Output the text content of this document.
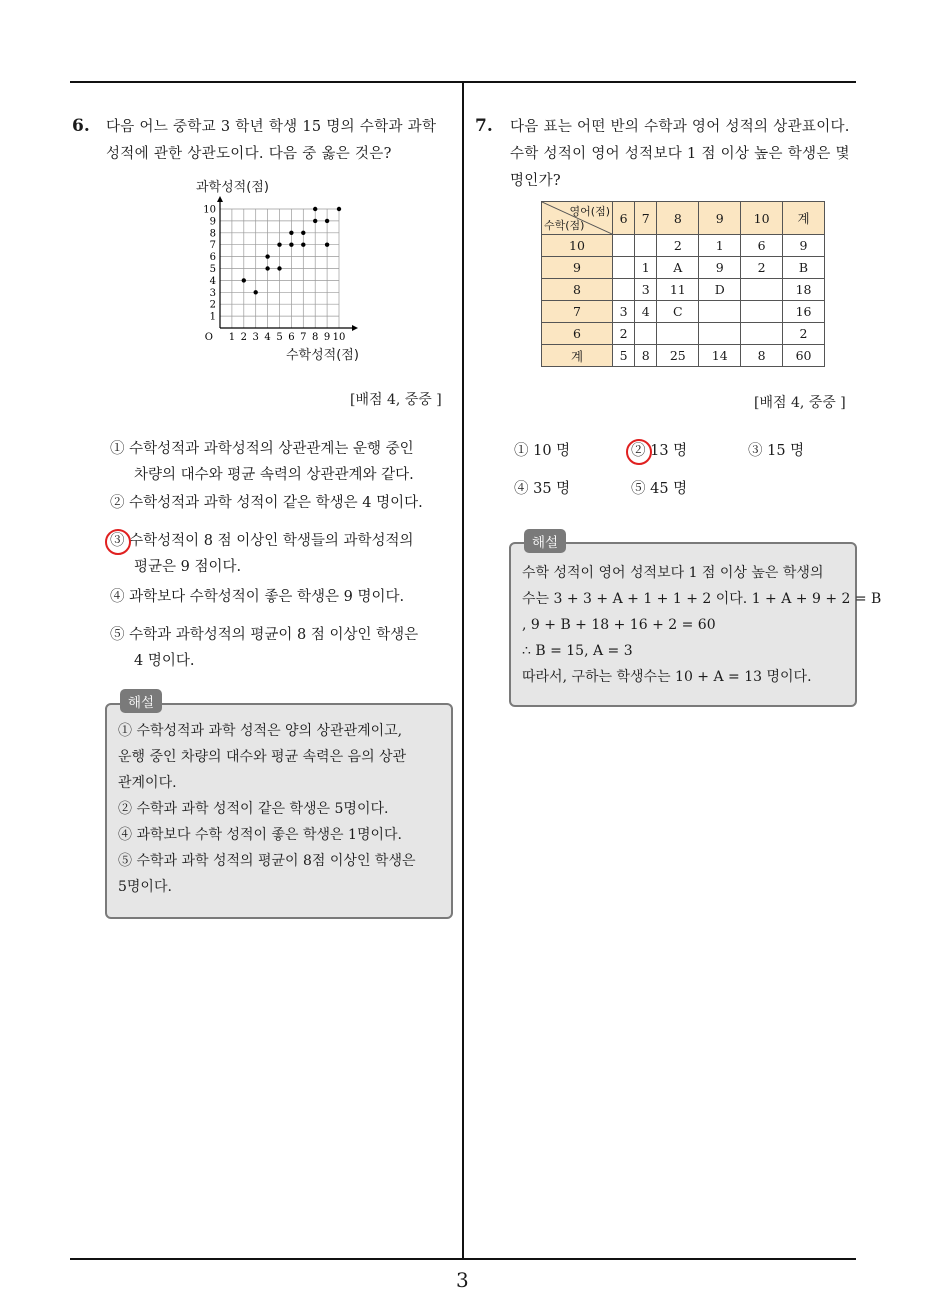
3
6. 다음 어느 중학교 3 학년 학생 15 명의 수학과 과학
성적에 관한 상관도이다. 다음 중 옳은 것은?
과학성적(점)
1 2 3 4 5 6 7 8 9 10
1
2
3
4
5
6
7
8
9
10
O
수학성적(점)
[배점 4, 중중 ]
① 수학성적과 과학성적의 상관관계는 운행 중인
차량의 대수와 평균 속력의 상관관계와 같다.
② 수학성적과 과학 성적이 같은 학생은 4 명이다.
③ 수학성적이 8 점 이상인 학생들의 과학성적의
평균은 9 점이다.
④ 과학보다 수학성적이 좋은 학생은 9 명이다.
⑤ 수학과 과학성적의 평균이 8 점 이상인 학생은
4 명이다.
해설
① 수학성적과 과학 성적은 양의 상관관계이고,
운행 중인 차량의 대수와 평균 속력은 음의 상관
관계이다.
② 수학과 과학 성적이 같은 학생은 5명이다.
④ 과학보다 수학 성적이 좋은 학생은 1명이다.
⑤ 수학과 과학 성적의 평균이 8점 이상인 학생은
5명이다.
7. 다음 표는 어떤 반의 수학과 영어 성적의 상관표이다.
수학 성적이 영어 성적보다 1 점 이상 높은 학생은 몇
명인가?
영어(점)
수학(점)	6	7	8	9	10	계
10			2	1	6	9
9		1	A	9	2	B
8		3	11	D		18
7	3	4	C			16
6	2					2
계	5	8	25	14	8	60
[배점 4, 중중 ]
① 10 명	② 13 명	③ 15 명
④ 35 명	⑤ 45 명
해설
수학 성적이 영어 성적보다 1 점 이상 높은 학생의
수는 3 + 3 + A + 1 + 1 + 2 이다. 1 + A + 9 + 2 = B
, 9 + B + 18 + 16 + 2 = 60
∴ B = 15, A = 3
따라서, 구하는 학생수는 10 + A = 13 명이다.
